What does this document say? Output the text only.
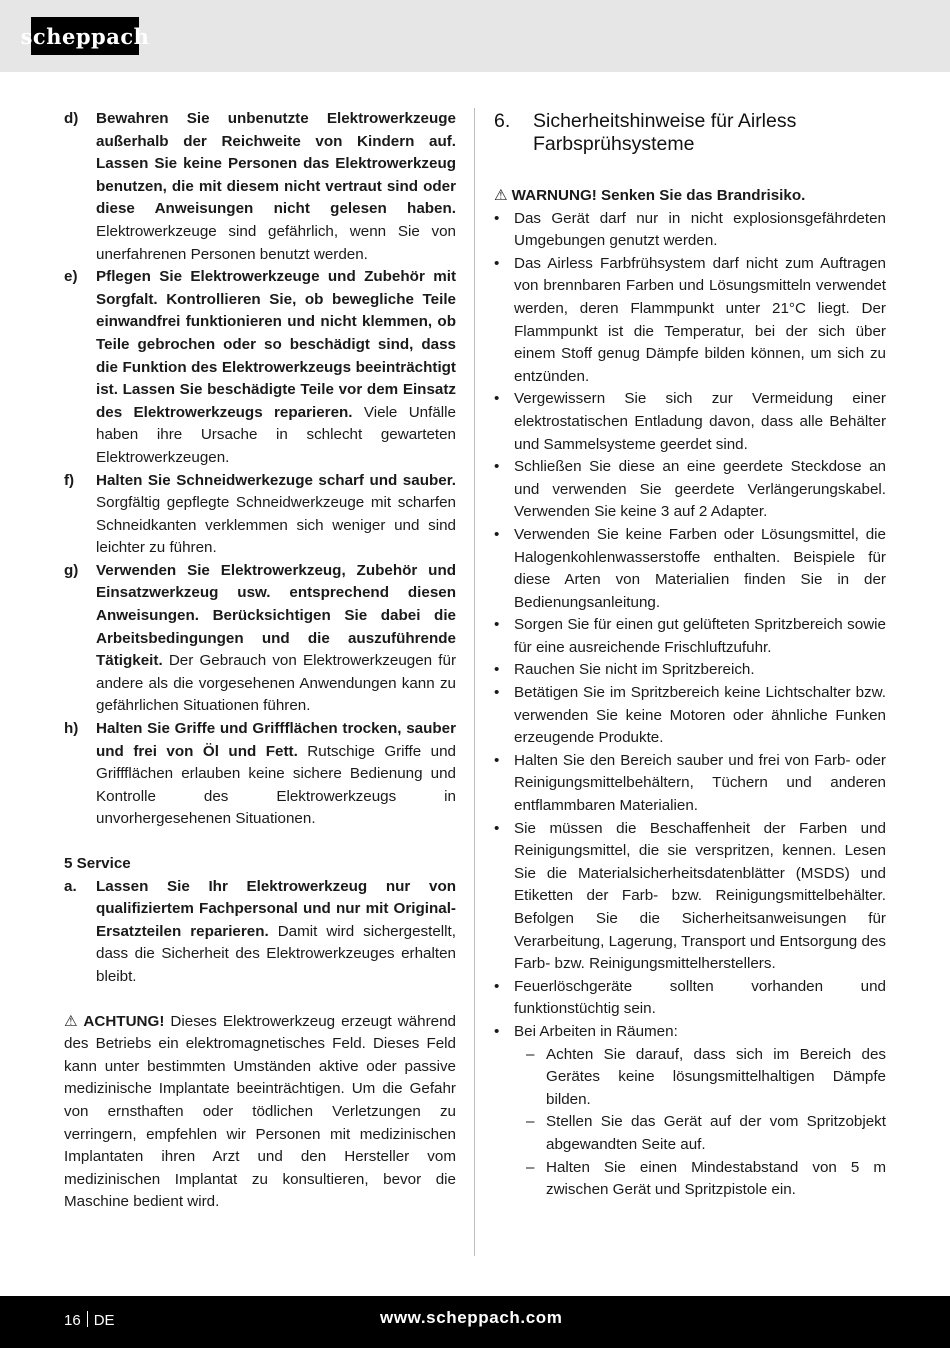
scheppach
d)	Bewahren Sie unbenutzte Elektrowerkzeuge außerhalb der Reichweite von Kindern auf. Lassen Sie keine Personen das Elektrowerkzeug benutzen, die mit diesem nicht vertraut sind oder diese Anweisungen nicht gelesen haben. Elektrowerkzeuge sind gefährlich, wenn Sie von unerfahrenen Personen benutzt werden.
e)	Pflegen Sie Elektrowerkzeuge und Zubehör mit Sorgfalt. Kontrollieren Sie, ob bewegliche Teile einwandfrei funktionieren und nicht klemmen, ob Teile gebrochen oder so beschädigt sind, dass die Funktion des Elektrowerkzeugs beeinträchtigt ist. Lassen Sie beschädigte Teile vor dem Einsatz des Elektrowerkzeugs reparieren. Viele Unfälle haben ihre Ursache in schlecht gewarteten Elektrowerkzeugen.
f)	Halten Sie Schneidwerkezuge scharf und sauber. Sorgfältig gepflegte Schneidwerkzeuge mit scharfen Schneidkanten verklemmen sich weniger und sind leichter zu führen.
g)	Verwenden Sie Elektrowerkzeug, Zubehör und Einsatzwerkzeug usw. entsprechend diesen Anweisungen. Berücksichtigen Sie dabei die Arbeitsbedingungen und die auszuführende Tätigkeit. Der Gebrauch von Elektrowerkzeugen für andere als die vorgesehenen Anwendungen kann zu gefährlichen Situationen führen.
h)	Halten Sie Griffe und Griffflächen trocken, sauber und frei von Öl und Fett. Rutschige Griffe und Griffflächen erlauben keine sichere Bedienung und Kontrolle des Elektrowerkzeugs in unvorhergesehenen Situationen.
5 Service
a.	Lassen Sie Ihr Elektrowerkzeug nur von qualifiziertem Fachpersonal und nur mit Original-Ersatzteilen reparieren. Damit wird sichergestellt, dass die Sicherheit des Elektrowerkzeuges erhalten bleibt.
⚠ ACHTUNG! Dieses Elektrowerkzeug erzeugt während des Betriebs ein elektromagnetisches Feld. Dieses Feld kann unter bestimmten Umständen aktive oder passive medizinische Implantate beeinträchtigen. Um die Gefahr von ernsthaften oder tödlichen Verletzungen zu verringern, empfehlen wir Personen mit medizinischen Implantaten ihren Arzt und den Hersteller vom medizinischen Implantat zu konsultieren, bevor die Maschine bedient wird.
6.	Sicherheitshinweise für Airless Farbsprühsysteme
⚠ WARNUNG! Senken Sie das Brandrisiko.
• Das Gerät darf nur in nicht explosionsgefährdeten Umgebungen genutzt werden.
• Das Airless Farbfrühsystem darf nicht zum Auftragen von brennbaren Farben und Lösungsmitteln verwendet werden, deren Flammpunkt unter 21°C liegt. Der Flammpunkt ist die Temperatur, bei der sich über einem Stoff genug Dämpfe bilden können, um sich zu entzünden.
• Vergewissern Sie sich zur Vermeidung einer elektrostatischen Entladung davon, dass alle Behälter und Sammelsysteme geerdet sind.
• Schließen Sie diese an eine geerdete Steckdose an und verwenden Sie geerdete Verlängerungskabel. Verwenden Sie keine 3 auf 2 Adapter.
• Verwenden Sie keine Farben oder Lösungsmittel, die Halogenkohlenwasserstoffe enthalten. Beispiele für diese Arten von Materialien finden Sie in der Bedienungsanleitung.
• Sorgen Sie für einen gut gelüfteten Spritzbereich sowie für eine ausreichende Frischluftzufuhr.
• Rauchen Sie nicht im Spritzbereich.
• Betätigen Sie im Spritzbereich keine Lichtschalter bzw. verwenden Sie keine Motoren oder ähnliche Funken erzeugende Produkte.
• Halten Sie den Bereich sauber und frei von Farb- oder Reinigungsmittelbehältern, Tüchern und anderen entflammbaren Materialien.
• Sie müssen die Beschaffenheit der Farben und Reinigungsmittel, die sie verspritzen, kennen. Lesen Sie die Materialsicherheitsdatenblätter (MSDS) und Etiketten der Farb- bzw. Reinigungsmittelbehälter. Befolgen Sie die Sicherheitsanweisungen für Verarbeitung, Lagerung, Transport und Entsorgung des Farb- bzw. Reinigungsmittelherstellers.
• Feuerlöschgeräte sollten vorhanden und funktionstüchtig sein.
• Bei Arbeiten in Räumen:
– Achten Sie darauf, dass sich im Bereich des Gerätes keine lösungsmittelhaltigen Dämpfe bilden.
– Stellen Sie das Gerät auf der vom Spritzobjekt abgewandten Seite auf.
– Halten Sie einen Mindestabstand von 5 m zwischen Gerät und Spritzpistole ein.
16 DE	www.scheppach.com
